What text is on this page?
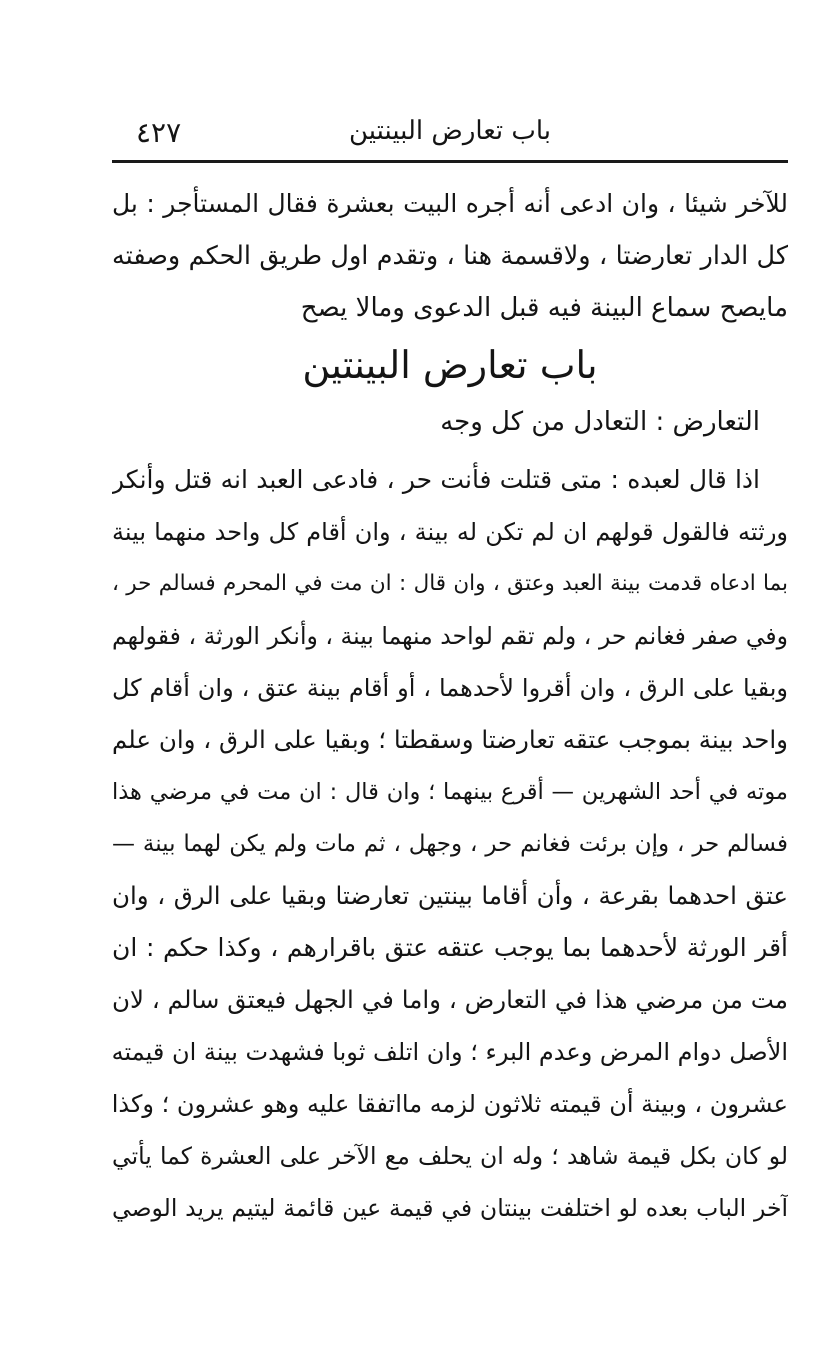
باب تعارض البينتين
٤٢٧
للآخر شيئا ، وان ادعى أنه أجره البيت بعشرة فقال المستأجر : بل
كل الدار تعارضتا ، ولاقسمة هنا ، وتقدم اول طريق الحكم وصفته
مايصح سماع البينة فيه قبل الدعوى ومالا يصح
باب تعارض البينتين
التعارض : التعادل من كل وجه
اذا قال لعبده : متى قتلت فأنت حر ، فادعى العبد انه قتل وأنكر
ورثته فالقول قولهم ان لم تكن له بينة ، وان أقام كل واحد منهما بينة
بما ادعاه قدمت بينة العبد وعتق ، وان قال : ان مت في المحرم فسالم حر ،
وفي صفر فغانم حر ، ولم تقم لواحد منهما بينة ، وأنكر الورثة ، فقولهم
وبقيا على الرق ، وان أقروا لأحدهما ، أو أقام بينة عتق ، وان أقام كل
واحد بينة بموجب عتقه تعارضتا وسقطتا ؛ وبقيا على الرق ، وان علم
موته في أحد الشهرين — أقرع بينهما ؛ وان قال : ان مت في مرضي هذا
فسالم حر ، وإن برئت فغانم حر ، وجهل ، ثم مات ولم يكن لهما بينة —
عتق احدهما بقرعة ، وأن أقاما بينتين تعارضتا وبقيا على الرق ، وان
أقر الورثة لأحدهما بما يوجب عتقه عتق باقرارهم ، وكذا حكم : ان
مت من مرضي هذا في التعارض ، واما في الجهل فيعتق سالم ، لان
الأصل دوام المرض وعدم البرء ؛ وان اتلف ثوبا فشهدت بينة ان قيمته
عشرون ، وبينة أن قيمته ثلاثون لزمه مااتفقا عليه وهو عشرون ؛ وكذا
لو كان بكل قيمة شاهد ؛ وله ان يحلف مع الآخر على العشرة كما يأتي
آخر الباب بعده لو اختلفت بينتان في قيمة عين قائمة ليتيم يريد الوصي
